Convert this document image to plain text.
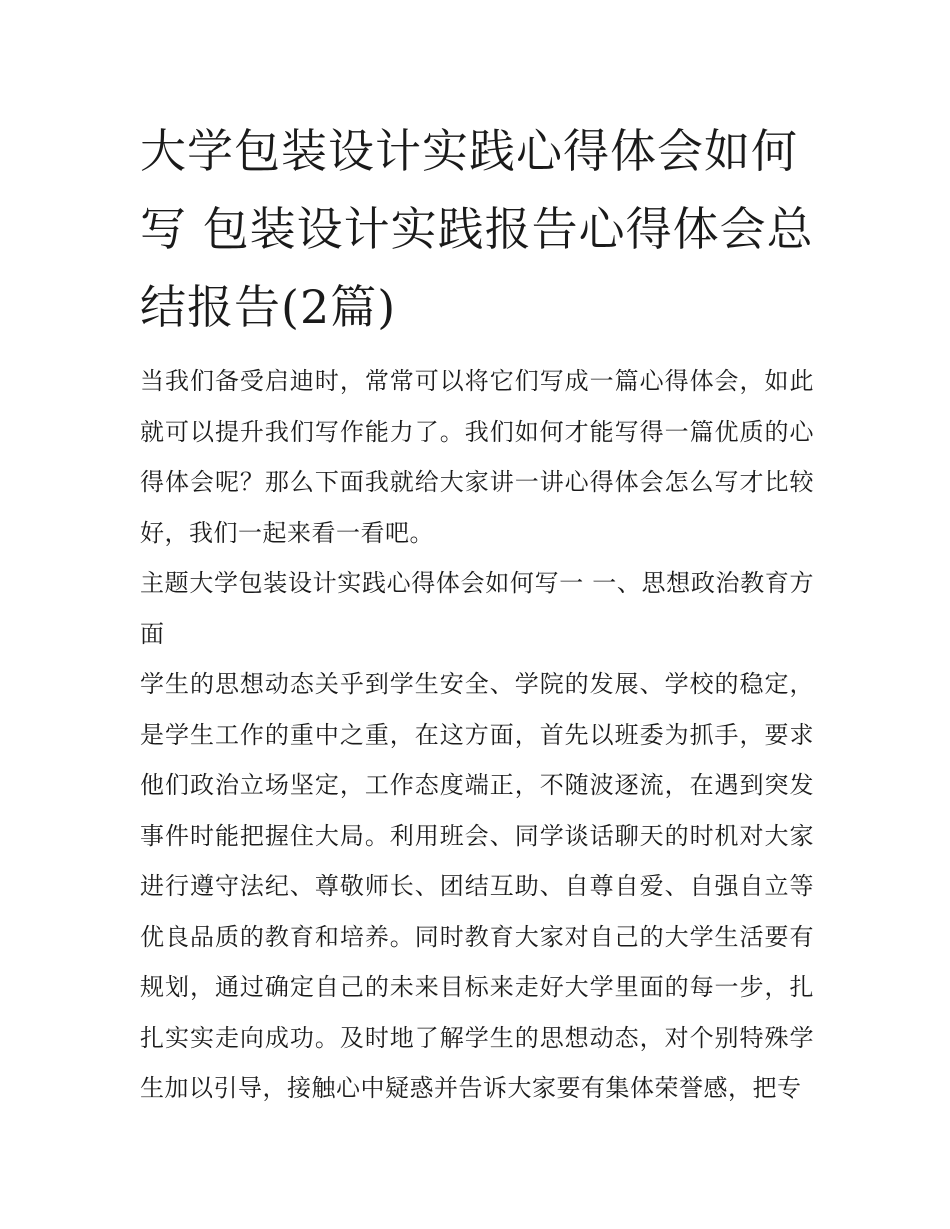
大学包装设计实践心得体会如何写 包装设计实践报告心得体会总结报告(2篇)

当我们备受启迪时，常常可以将它们写成一篇心得体会，如此就可以提升我们写作能力了。我们如何才能写得一篇优质的心得体会呢？那么下面我就给大家讲一讲心得体会怎么写才比较好，我们一起来看一看吧。

主题大学包装设计实践心得体会如何写一 一、思想政治教育方面

学生的思想动态关乎到学生安全、学院的发展、学校的稳定，是学生工作的重中之重，在这方面，首先以班委为抓手，要求他们政治立场坚定，工作态度端正，不随波逐流，在遇到突发事件时能把握住大局。利用班会、同学谈话聊天的时机对大家进行遵守法纪、尊敬师长、团结互助、自尊自爱、自强自立等优良品质的教育和培养。同时教育大家对自己的大学生活要有规划，通过确定自己的未来目标来走好大学里面的每一步，扎扎实实走向成功。及时地了解学生的思想动态，对个别特殊学生加以引导，接触心中疑惑并告诉大家要有集体荣誉感，把专
